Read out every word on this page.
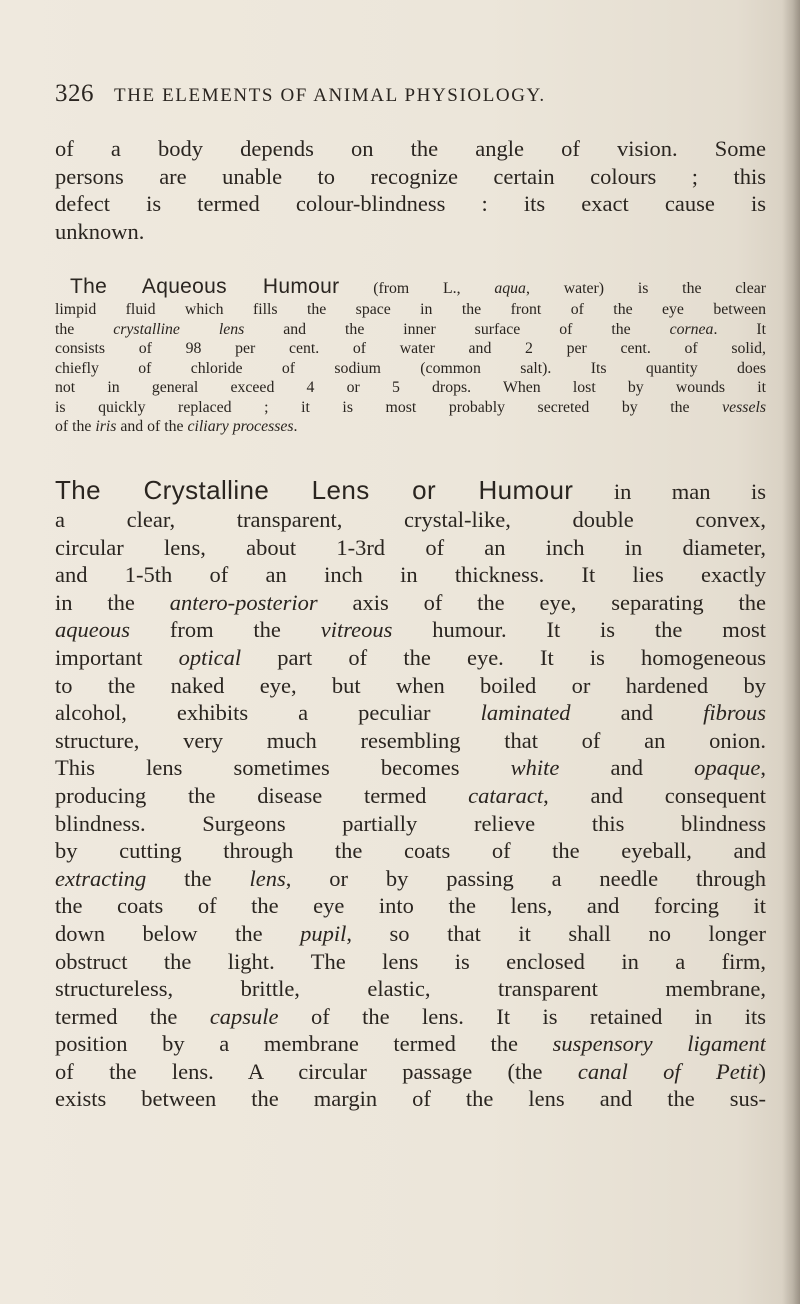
326 THE ELEMENTS OF ANIMAL PHYSIOLOGY.
of a body depends on the angle of vision. Some
persons are unable to recognize certain colours ; this
defect is termed colour-blindness : its exact cause is
unknown.
The Aqueous Humour (from L., aqua, water) is the clear
limpid fluid which fills the space in the front of the eye between
the crystalline lens and the inner surface of the cornea. It
consists of 98 per cent. of water and 2 per cent. of solid,
chiefly of chloride of sodium (common salt). Its quantity does
not in general exceed 4 or 5 drops. When lost by wounds it
is quickly replaced ; it is most probably secreted by the vessels
of the iris and of the ciliary processes.
The Crystalline Lens or Humour in man is
a clear, transparent, crystal-like, double convex,
circular lens, about 1-3rd of an inch in diameter,
and 1-5th of an inch in thickness. It lies exactly
in the antero-posterior axis of the eye, separating the
aqueous from the vitreous humour. It is the most
important optical part of the eye. It is homogeneous
to the naked eye, but when boiled or hardened by
alcohol, exhibits a peculiar laminated and fibrous
structure, very much resembling that of an onion.
This lens sometimes becomes white and opaque,
producing the disease termed cataract, and consequent
blindness. Surgeons partially relieve this blindness
by cutting through the coats of the eyeball, and
extracting the lens, or by passing a needle through
the coats of the eye into the lens, and forcing it
down below the pupil, so that it shall no longer
obstruct the light. The lens is enclosed in a firm,
structureless, brittle, elastic, transparent membrane,
termed the capsule of the lens. It is retained in its
position by a membrane termed the suspensory ligament
of the lens. A circular passage (the canal of Petit)
exists between the margin of the lens and the sus-
